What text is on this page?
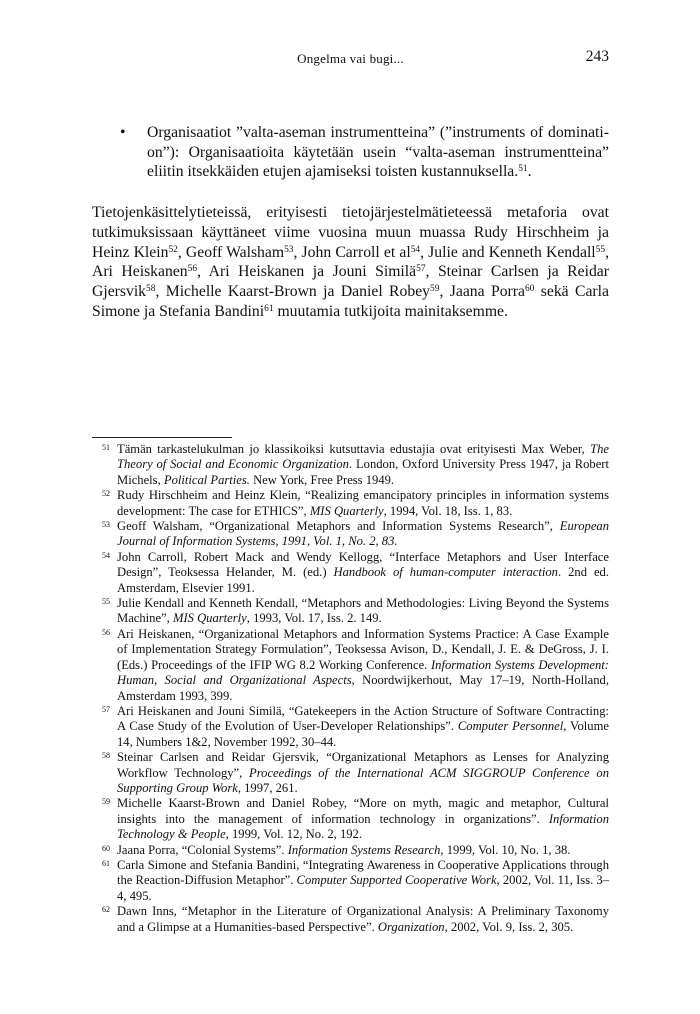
Ongelma vai bugi...	243
• Organisaatiot ”valta-aseman instrumentteina” (”instruments of domination”): Organisaatioita käytetään usein “valta-aseman instrumentteina” eliitin itsekkäiden etujen ajamiseksi toisten kustannuksella.$^{51}$.
Tietojenkäsittelytieteissä, erityisesti tietojärjestelmätieteessä metaforia ovat tutkimuksissaan käyttäneet viime vuosina muun muassa Rudy Hirschheim ja Heinz Klein$^{52}$, Geoff Walsham$^{53}$, John Carroll et $al^{54}$, Julie and Kenneth Kendall$^{55}$, Ari Heiskanen$^{56}$, Ari Heiskanen ja Jouni Similä$^{57}$, Steinar Carlsen ja Reidar Gjersvik$^{58}$, Michelle Kaarst-Brown ja Daniel Robey$^{59}$, Jaana Porra$^{60}$ sekä Carla Simone ja Stefania Bandini$^{61}$ muutamia tutkijoita mainitaksemme.

51 Tämän tarkastelukulman jo klassikoiksi kutsuttavia edustajia ovat erityisesti Max Weber, The Theory of Social and Economic Organization. London, Oxford University Press 1947, ja Robert Michels, Political Parties. New York, Free Press 1949.

52 Rudy Hirschheim and Heinz Klein, “Realizing emancipatory principles in information systems development: The case for ETHICS”, MIS Quarterly, 1994, Vol. 18, Iss. 1, 83.

53 Geoff Walsham, “Organizational Metaphors and Information Systems Research”, European Journal of Information Systems, 1991, Vol. 1, No. 2, 83.

54 John Carroll, Robert Mack and Wendy Kellogg, “Interface Metaphors and User Interface Design”, Teoksessa Helander, M. (ed.) Handbook of human-computer interaction. 2nd ed. Amsterdam, Elsevier 1991.

55 Julie Kendall and Kenneth Kendall, “Metaphors and Methodologies: Living Beyond the Systems Machine”, MIS Quarterly, 1993, Vol. 17, Iss. 2. 149.

56 Ari Heiskanen, “Organizational Metaphors and Information Systems Practice: A Case Example of Implementation Strategy Formulation”, Teoksessa Avison, D., Kendall, J. E. & DeGross, J. I. (Eds.) Proceedings of the IFIP WG 8.2 Working Conference. Information Systems Development: Human, Social and Organizational Aspects, Noordwijkerhout, May 17–19, North-Holland, Amsterdam 1993, 399.

57 Ari Heiskanen and Jouni Similä, “Gatekeepers in the Action Structure of Software Contracting: A Case Study of the Evolution of User-Developer Relationships”. Computer Personnel, Volume 14, Numbers 1&2, November 1992, 30–44.

58 Steinar Carlsen and Reidar Gjersvik, “Organizational Metaphors as Lenses for Analyzing Workflow Technology”, Proceedings of the International ACM SIGGROUP Conference on Supporting Group Work, 1997, 261.

59 Michelle Kaarst-Brown and Daniel Robey, “More on myth, magic and metaphor, Cultural insights into the management of information technology in organizations”. Information Technology & People, 1999, Vol. 12, No. 2, 192.

60 Jaana Porra, “Colonial Systems”. Information Systems Research, 1999, Vol. 10, No. 1, 38.

61 Carla Simone and Stefania Bandini, “Integrating Awareness in Cooperative Applications through the Reaction-Diffusion Metaphor”. Computer Supported Cooperative Work, 2002, Vol. 11, Iss. 3–4, 495.

62 Dawn Inns, “Metaphor in the Literature of Organizational Analysis: A Preliminary Taxonomy and a Glimpse at a Humanities-based Perspective”. Organization, 2002, Vol. 9, Iss. 2, 305.
